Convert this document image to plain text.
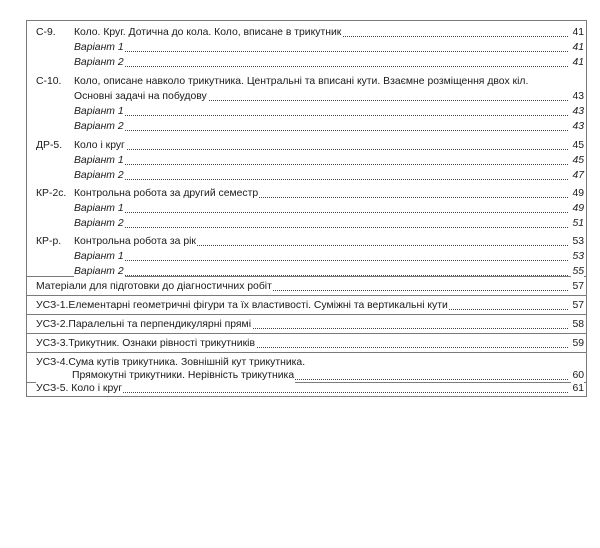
С-9. Коло. Круг. Дотична до кола. Коло, вписане в трикутник	41
Варіант 1	41
Варіант 2	41
С-10. Коло, описане навколо трикутника. Центральні та вписані кути. Взаємне розміщення двох кіл.
Основні задачі на побудову	43
Варіант 1	43
Варіант 2	43
ДР-5. Коло і круг	45
Варіант 1	45
Варіант 2	47
КР-2с. Контрольна робота за другий семестр	49
Варіант 1	49
Варіант 2	51
КР-р. Контрольна робота за рік	53
Варіант 1	53
Варіант 2	55
Матеріали для підготовки до діагностичних робіт	57
УСЗ-1.Елементарні геометричні фігури та їх властивості. Суміжні та вертикальні кути	57
УСЗ-2.Паралельні та перпендикулярні прямі	58
УСЗ-3.Трикутник. Ознаки рівності трикутників	59
УСЗ-4.Сума кутів трикутника. Зовнішній кут трикутника.
Прямокутні трикутники. Нерівність трикутника	60
УСЗ-5. Коло і круг	61
